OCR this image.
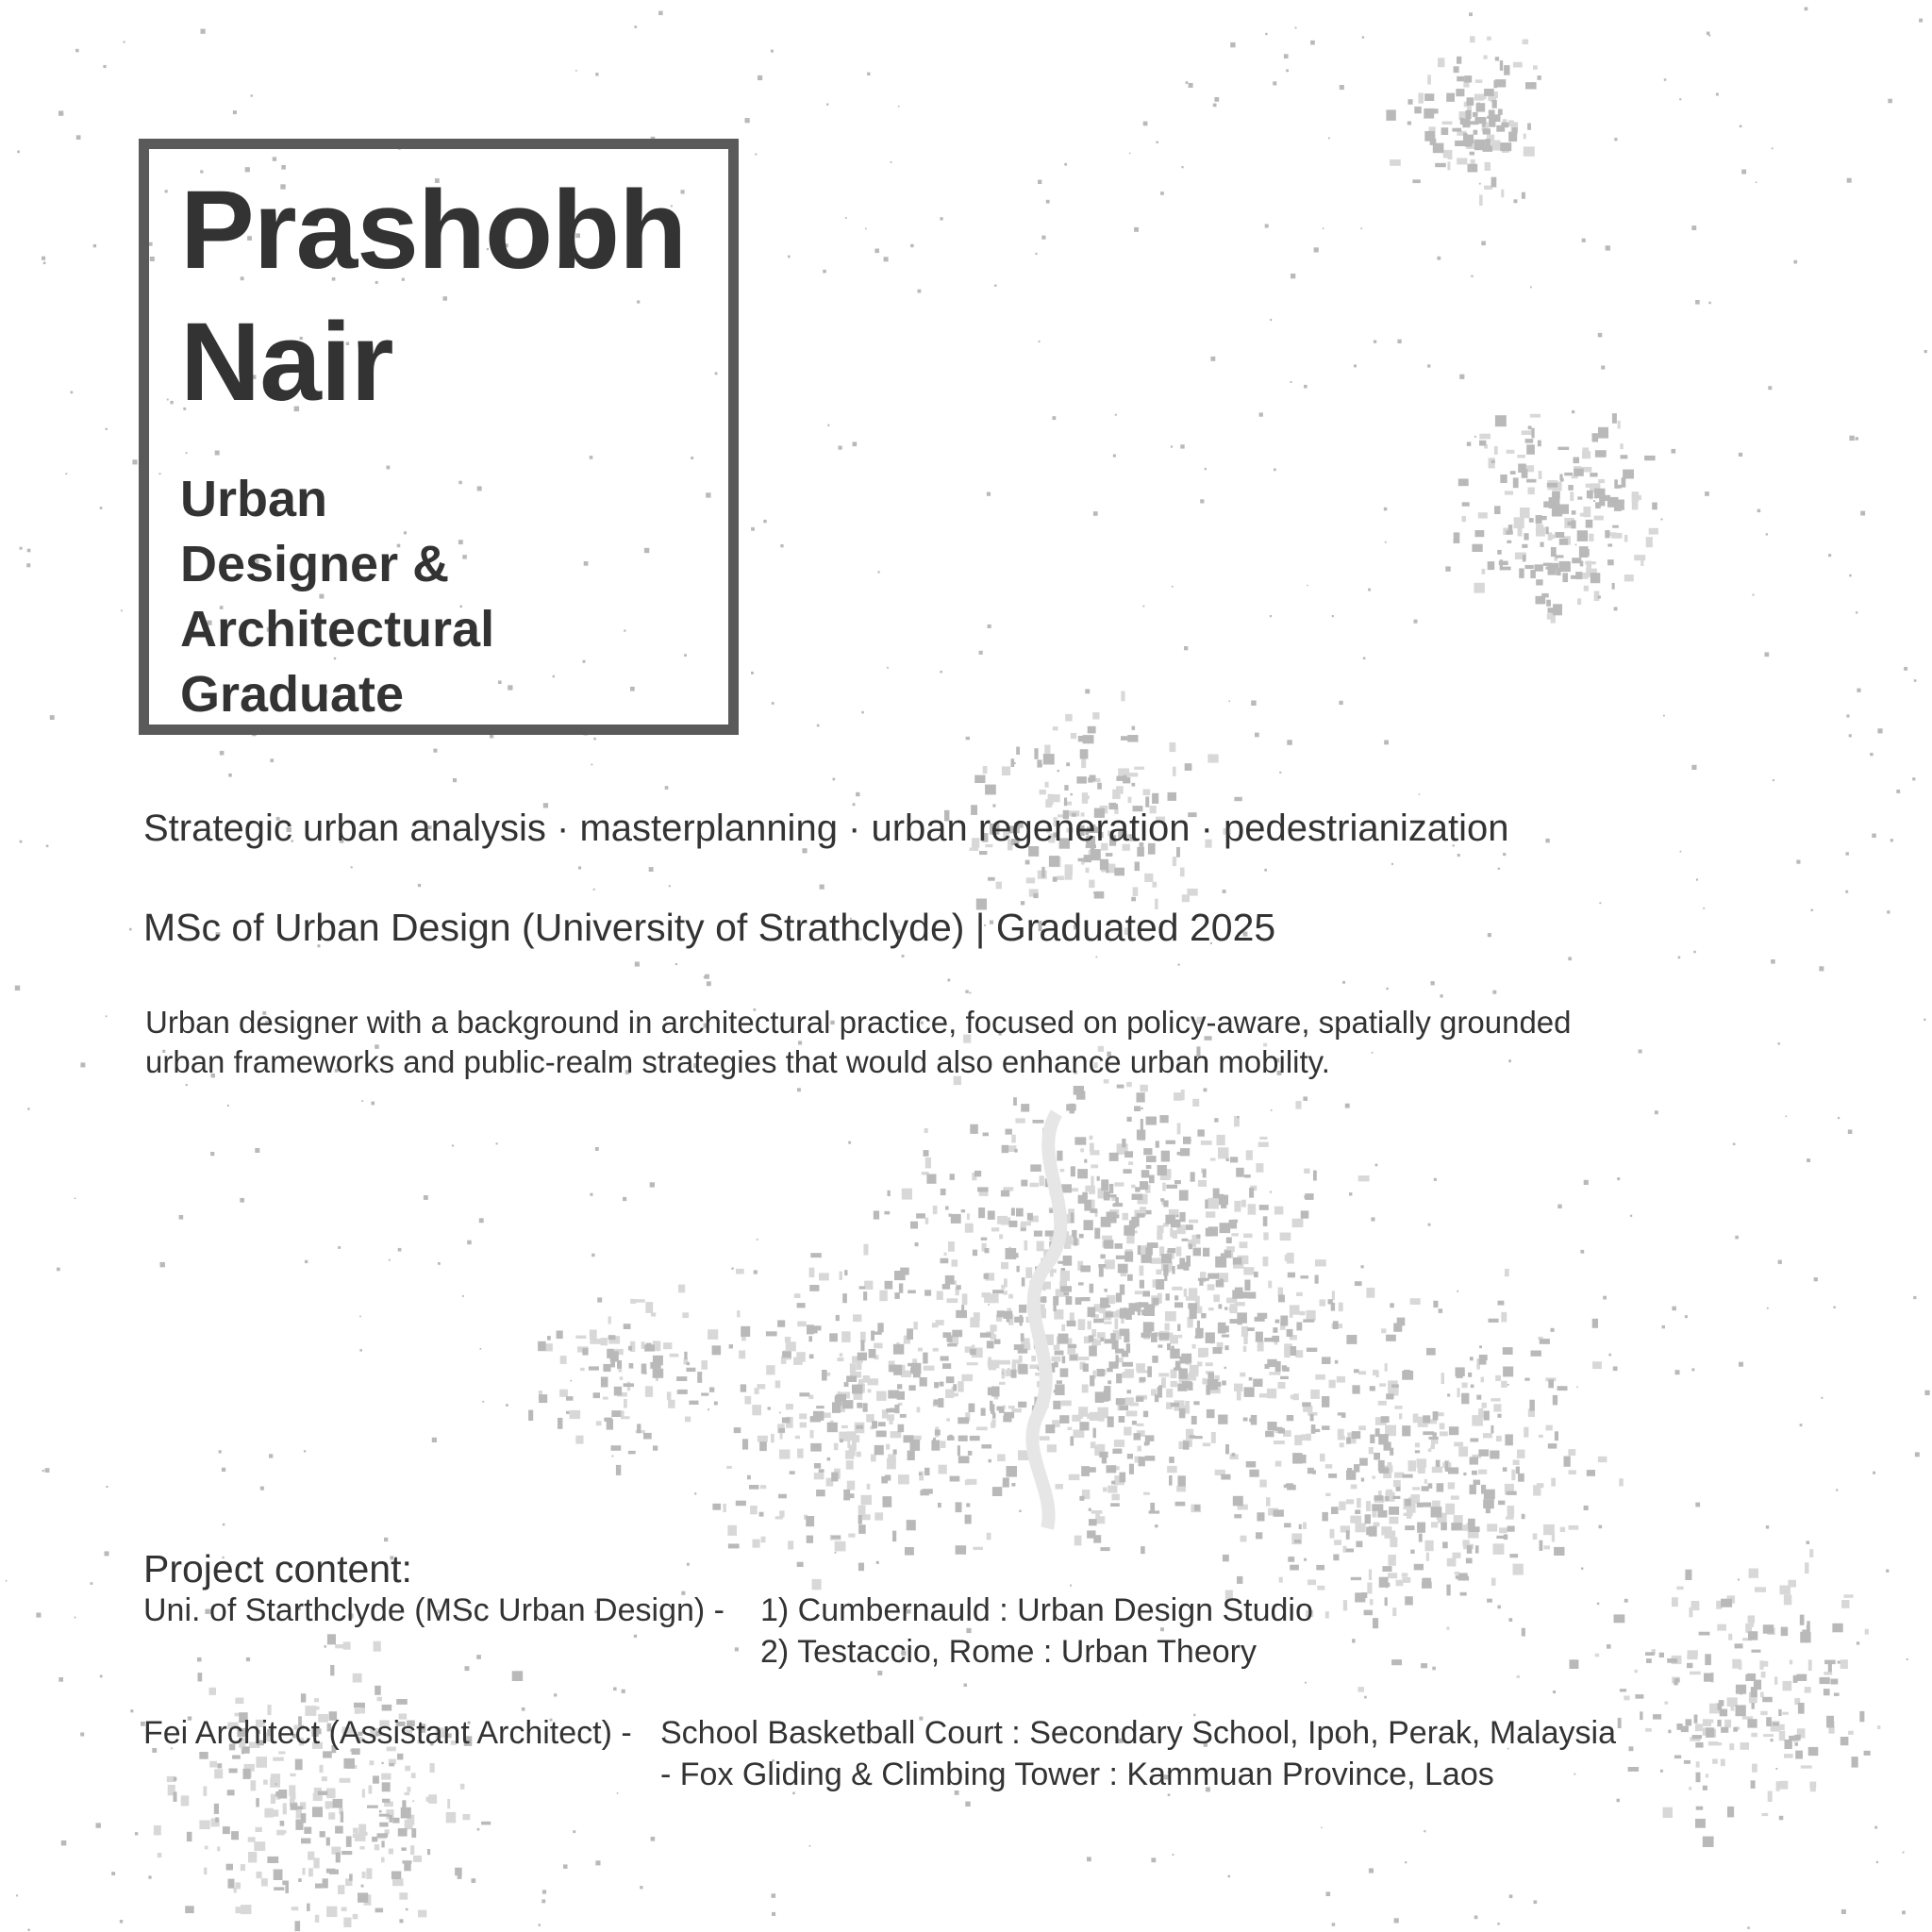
Prashobh
Nair
Urban
Designer &
Architectural
Graduate
Strategic urban analysis · masterplanning · urban regeneration · pedestrianization
MSc of Urban Design (University of Strathclyde) | Graduated 2025
Urban designer with a background in architectural practice, focused on policy-aware, spatially grounded
urban frameworks and public-realm strategies that would also enhance urban mobility.
Project content:
Uni. of Starthclyde (MSc Urban Design) - 1) Cumbernauld : Urban Design Studio
2) Testaccio, Rome : Urban Theory
Fei Architect (Assistant Architect) - School Basketball Court : Secondary School, Ipoh, Perak, Malaysia
- Fox Gliding & Climbing Tower : Kammuan Province, Laos
